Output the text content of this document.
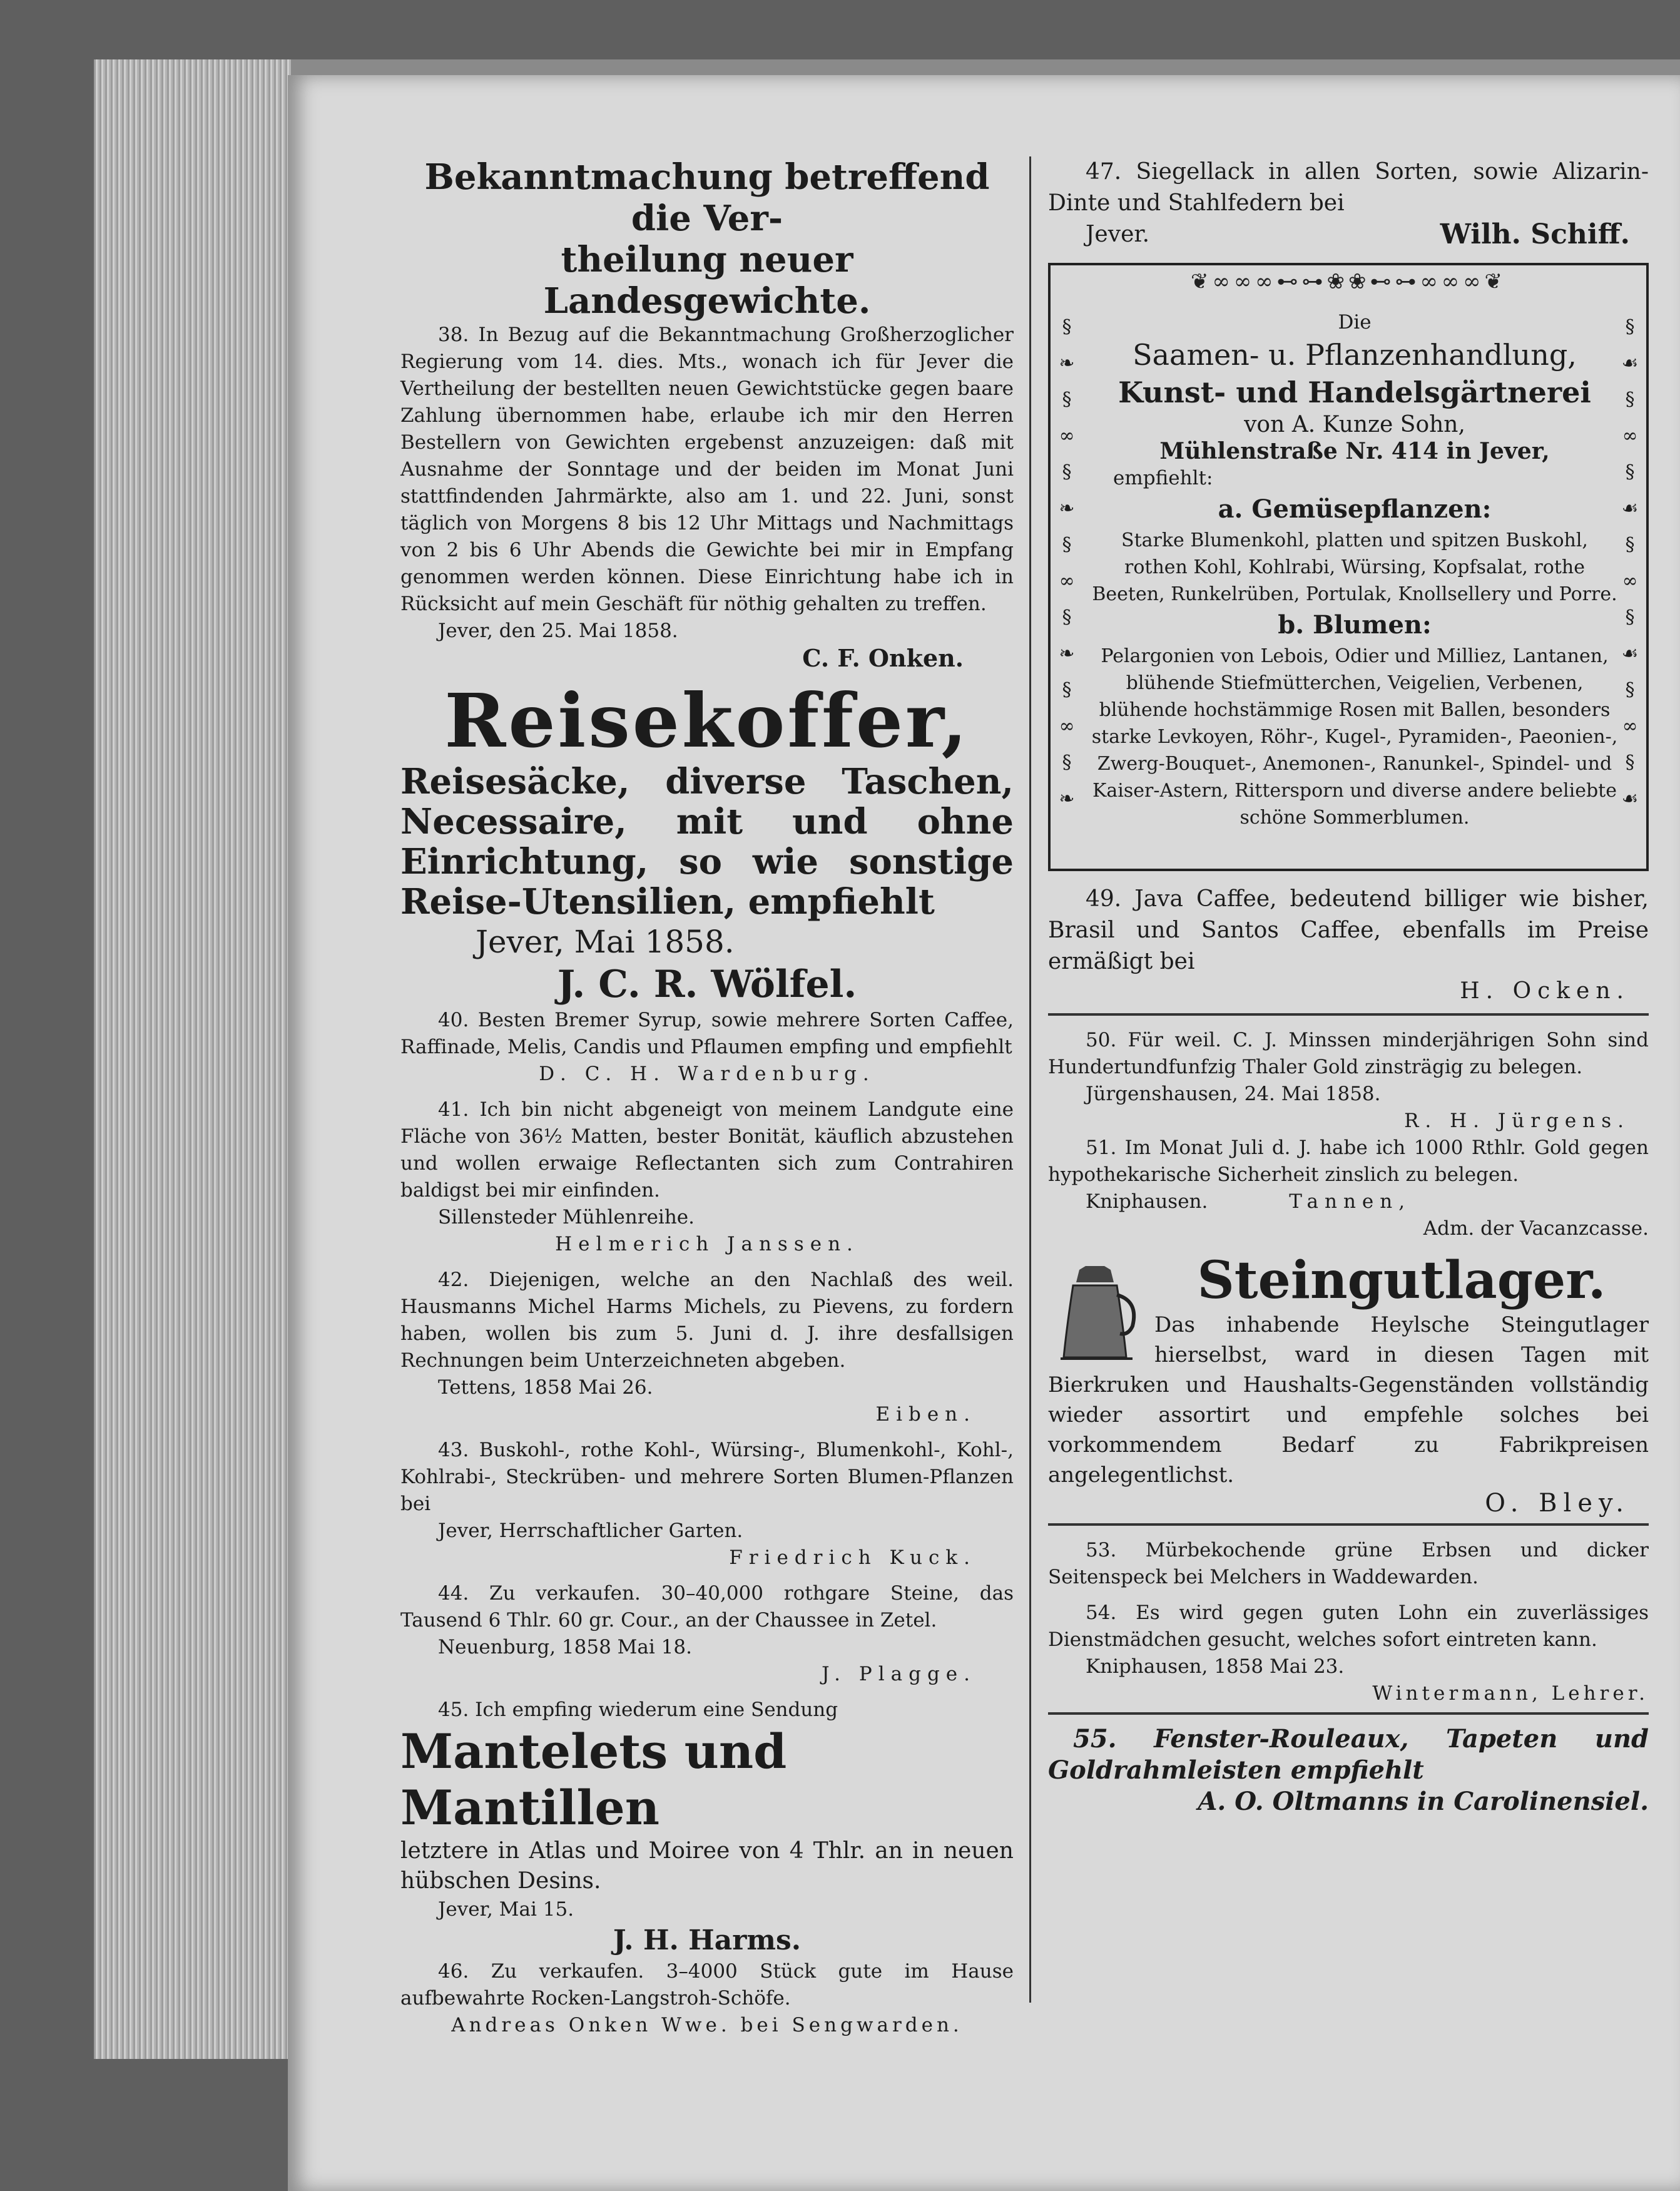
Bekanntmachung betreffend die Ver-

theilung neuer Landesgewichte.

38. In Bezug auf die Bekanntmachung Großherzoglicher Regierung vom 14. dies. Mts., wonach ich für Jever die Vertheilung der bestellten neuen Gewichtstücke gegen baare Zahlung übernommen habe, erlaube ich mir den Herren Bestellern von Gewichten ergebenst anzuzeigen: daß mit Ausnahme der Sonntage und der beiden im Monat Juni stattfindenden Jahrmärkte, also am 1. und 22. Juni, sonst täglich von Morgens 8 bis 12 Uhr Mittags und Nachmittags von 2 bis 6 Uhr Abends die Gewichte bei mir in Empfang genommen werden können. Diese Einrichtung habe ich in Rücksicht auf mein Geschäft für nöthig gehalten zu treffen.

Jever, den 25. Mai 1858.

C. F. Onken.

Reisekoffer,

Reisesäcke, diverse Taschen, Necessaire, mit und ohne Einrichtung, so wie sonstige Reise-Utensilien, empfiehlt

Jever, Mai 1858.

J. C. R. Wölfel.

40. Besten Bremer Syrup, sowie mehrere Sorten Caffee, Raffinade, Melis, Candis und Pflaumen empfing und empfiehlt

D. C. H. Wardenburg.

41. Ich bin nicht abgeneigt von meinem Landgute eine Fläche von 36½ Matten, bester Bonität, käuflich abzustehen und wollen erwaige Reflectanten sich zum Contrahiren baldigst bei mir einfinden.

Sillensteder Mühlenreihe.

Helmerich Janssen.

42. Diejenigen, welche an den Nachlaß des weil. Hausmanns Michel Harms Michels, zu Pievens, zu fordern haben, wollen bis zum 5. Juni d. J. ihre desfallsigen Rechnungen beim Unterzeichneten abgeben.

Tettens, 1858 Mai 26.

Eiben.

43. Buskohl-, rothe Kohl-, Würsing-, Blumenkohl-, Kohl-, Kohlrabi-, Steckrüben- und mehrere Sorten Blumen-Pflanzen bei

Jever, Herrschaftlicher Garten.

Friedrich Kuck.

44. Zu verkaufen. 30–40,000 rothgare Steine, das Tausend 6 Thlr. 60 gr. Cour., an der Chaussee in Zetel.

Neuenburg, 1858 Mai 18.

J. Plagge.

45. Ich empfing wiederum eine Sendung

Mantelets und Mantillen

letztere in Atlas und Moiree von 4 Thlr. an in neuen hübschen Desins.

Jever, Mai 15.

J. H. Harms.

46. Zu verkaufen. 3–4000 Stück gute im Hause aufbewahrte Rocken-Langstroh-Schöfe.

Andreas Onken Wwe. bei Sengwarden.

47. Siegellack in allen Sorten, sowie Alizarin-Dinte und Stahlfedern bei

Jever.	Wilh. Schiff.

❦∞∞∞⊷⊶❀❀⊷⊶∞∞∞❦
§
❧
§
∞
§
❧
§
∞
§
❧
§
∞
§
❧

§
☙
§
∞
§
☙
§
∞
§
☙
§
∞
§
☙

Die

Saamen- u. Pflanzenhandlung,

Kunst- und Handelsgärtnerei

von A. Kunze Sohn,

Mühlenstraße Nr. 414 in Jever,

empfiehlt:

a. Gemüsepflanzen:

Starke Blumenkohl, platten und spitzen Buskohl, rothen Kohl, Kohlrabi, Würsing, Kopfsalat, rothe Beeten, Runkelrüben, Portulak, Knollsellery und Porre.

b. Blumen:

Pelargonien von Lebois, Odier und Milliez, Lantanen, blühende Stiefmütterchen, Veigelien, Verbenen, blühende hochstämmige Rosen mit Ballen, besonders starke Levkoyen, Röhr-, Kugel-, Pyramiden-, Paeonien-, Zwerg-Bouquet-, Anemonen-, Ranunkel-, Spindel- und Kaiser-Astern, Rittersporn und diverse andere beliebte schöne Sommerblumen.

49. Java Caffee, bedeutend billiger wie bisher, Brasil und Santos Caffee, ebenfalls im Preise ermäßigt bei

H. Ocken.

50. Für weil. C. J. Minssen minderjährigen Sohn sind Hundertundfunfzig Thaler Gold zinsträgig zu belegen.

Jürgenshausen, 24. Mai 1858.

R. H. Jürgens.

51. Im Monat Juli d. J. habe ich 1000 Rthlr. Gold gegen hypothekarische Sicherheit zinslich zu belegen.

Kniphausen.	Tannen,

Adm. der Vacanzcasse.

Steingutlager.

Das inhabende Heylsche Steingutlager hierselbst, ward in diesen Tagen mit Bierkruken und Haushalts-Gegenständen vollständig wieder assortirt und empfehle solches bei vorkommendem Bedarf zu Fabrikpreisen angelegentlichst.

O. Bley.

53. Mürbekochende grüne Erbsen und dicker Seitenspeck bei Melchers in Waddewarden.

54. Es wird gegen guten Lohn ein zuverlässiges Dienstmädchen gesucht, welches sofort eintreten kann.

Kniphausen, 1858 Mai 23.

Wintermann, Lehrer.

55. Fenster-Rouleaux, Tapeten und Goldrahmleisten empfiehlt

A. O. Oltmanns in Carolinensiel.
